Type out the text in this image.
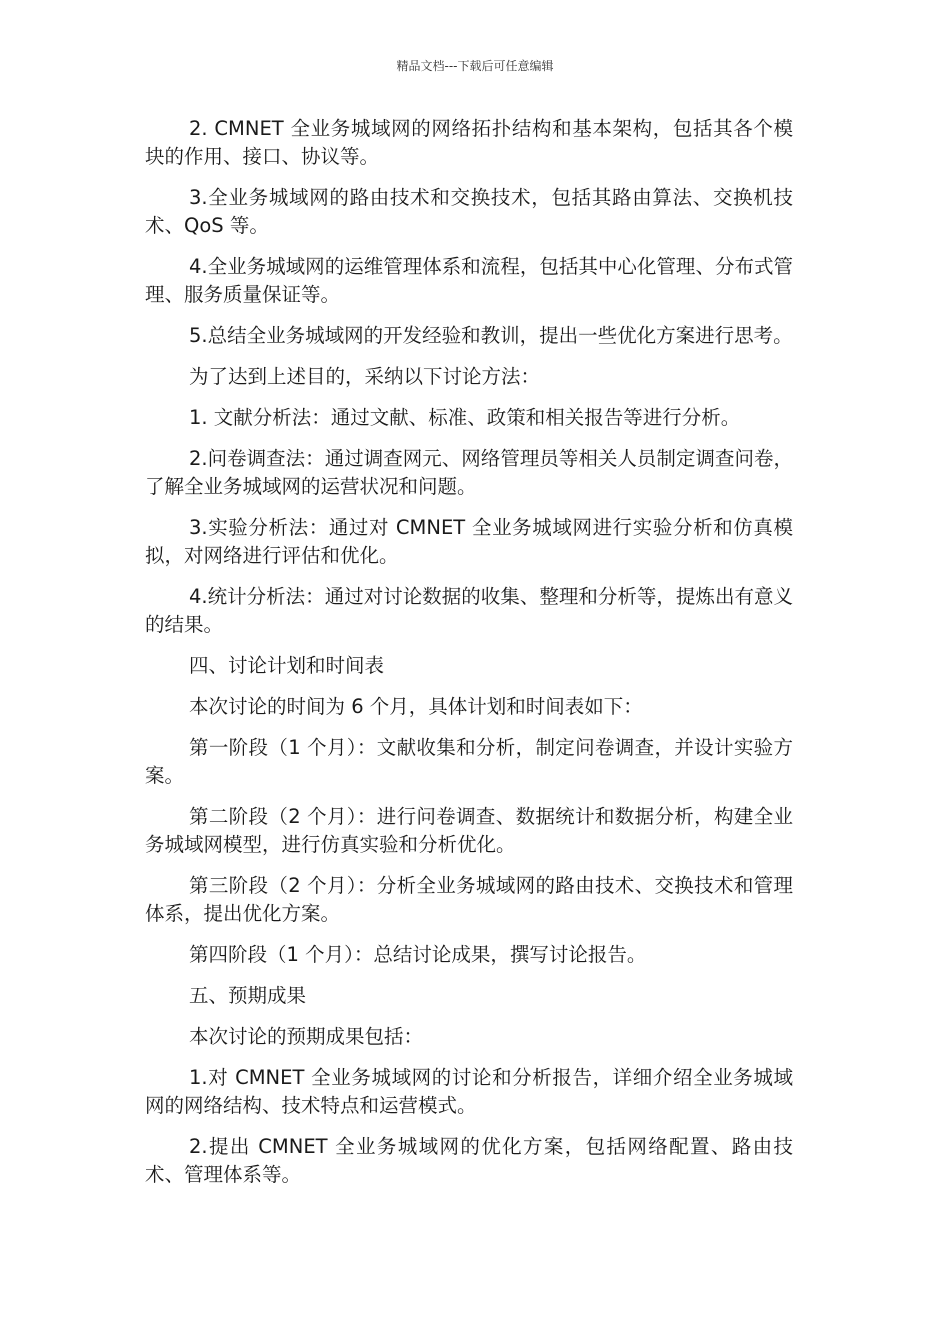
精品文档---下载后可任意编辑

2. CMNET 全业务城域网的网络拓扑结构和基本架构，包括其各个模块的作用、接口、协议等。

3.全业务城域网的路由技术和交换技术，包括其路由算法、交换机技术、QoS 等。

4.全业务城域网的运维管理体系和流程，包括其中心化管理、分布式管理、服务质量保证等。

5.总结全业务城域网的开发经验和教训，提出一些优化方案进行思考。

为了达到上述目的，采纳以下讨论方法：

1. 文献分析法：通过文献、标准、政策和相关报告等进行分析。

2.问卷调查法：通过调查网元、网络管理员等相关人员制定调查问卷，了解全业务城域网的运营状况和问题。

3.实验分析法：通过对 CMNET 全业务城域网进行实验分析和仿真模拟，对网络进行评估和优化。

4.统计分析法：通过对讨论数据的收集、整理和分析等，提炼出有意义的结果。

四、讨论计划和时间表

本次讨论的时间为 6 个月，具体计划和时间表如下：

第一阶段（1 个月）：文献收集和分析，制定问卷调查，并设计实验方案。

第二阶段（2 个月）：进行问卷调查、数据统计和数据分析，构建全业务城域网模型，进行仿真实验和分析优化。

第三阶段（2 个月）：分析全业务城域网的路由技术、交换技术和管理体系，提出优化方案。

第四阶段（1 个月）：总结讨论成果，撰写讨论报告。

五、预期成果

本次讨论的预期成果包括：

1.对 CMNET 全业务城域网的讨论和分析报告，详细介绍全业务城域网的网络结构、技术特点和运营模式。

2.提出 CMNET 全业务城域网的优化方案，包括网络配置、路由技术、管理体系等。
